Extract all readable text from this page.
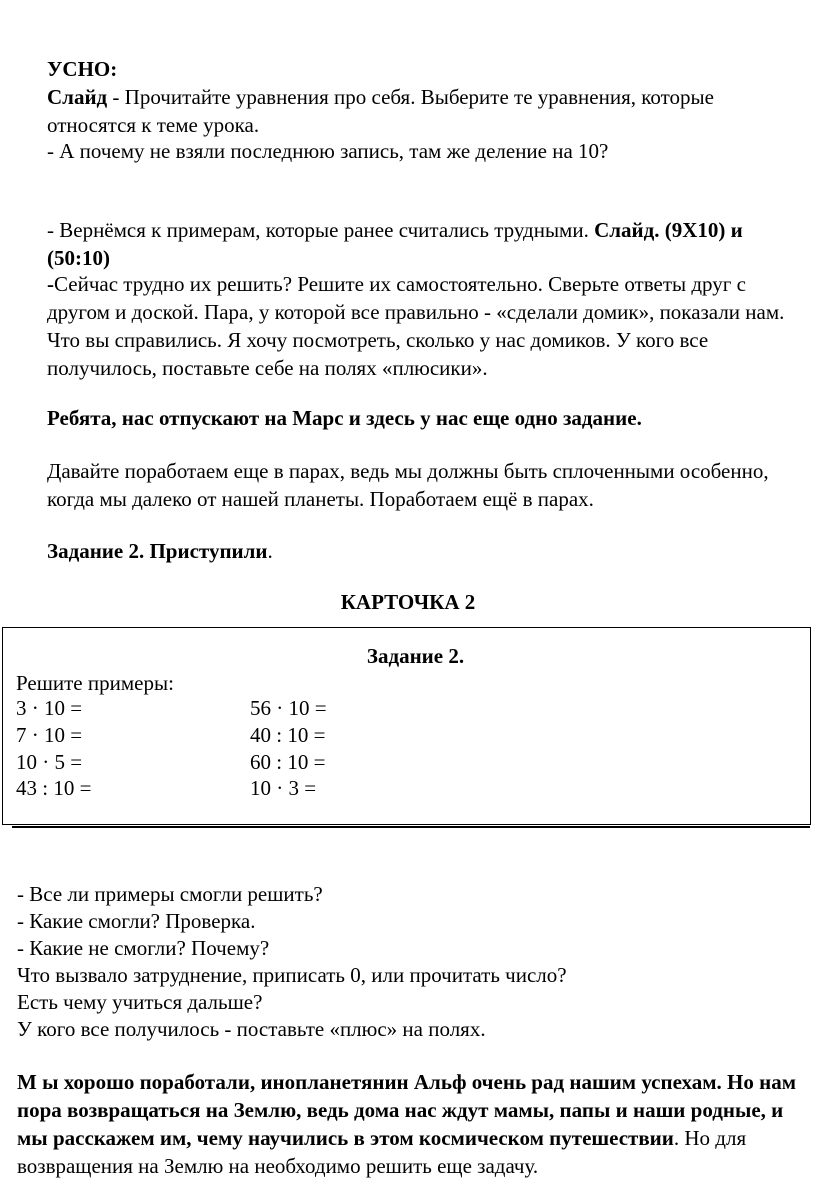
УСНО:

Слайд - Прочитайте уравнения про себя. Выберите те уравнения, которые относятся к теме урока.

- А почему не взяли последнюю запись, там же деление на 10?

- Вернёмся к примерам, которые ранее считались трудными. Слайд. (9Х10) и (50:10)

-Сейчас трудно их решить? Решите их самостоятельно. Сверьте ответы друг с другом и доской. Пара, у которой все правильно - «сделали домик», показали нам. Что вы справились. Я хочу посмотреть, сколько у нас домиков. У кого все получилось, поставьте себе на полях «плюсики».

Ребята, нас отпускают на Марс и здесь у нас еще одно задание.

Давайте поработаем еще в парах, ведь мы должны быть сплоченными особенно, когда мы далеко от нашей планеты. Поработаем ещё в парах.

Задание 2. Приступили.

КАРТОЧКА 2
Задание 2.
Решите примеры:
3 · 10 =
7 · 10 =
10 · 5 =
43 : 10 =
56 · 10 =
40 : 10 =
60 : 10 =
10 · 3 =
- Все ли примеры смогли решить?
- Какие смогли? Проверка.
- Какие не смогли? Почему?
Что вызвало затруднение, приписать 0, или прочитать число?
Есть чему учиться дальше?
У кого все получилось - поставьте «плюс» на полях.

М ы хорошо поработали, инопланетянин Альф очень рад нашим успехам. Но нам пора возвращаться на Землю, ведь дома нас ждут мамы, папы и наши родные, и мы расскажем им, чему научились в этом космическом путешествии. Но для возвращения на Землю на необходимо решить еще задачу.
